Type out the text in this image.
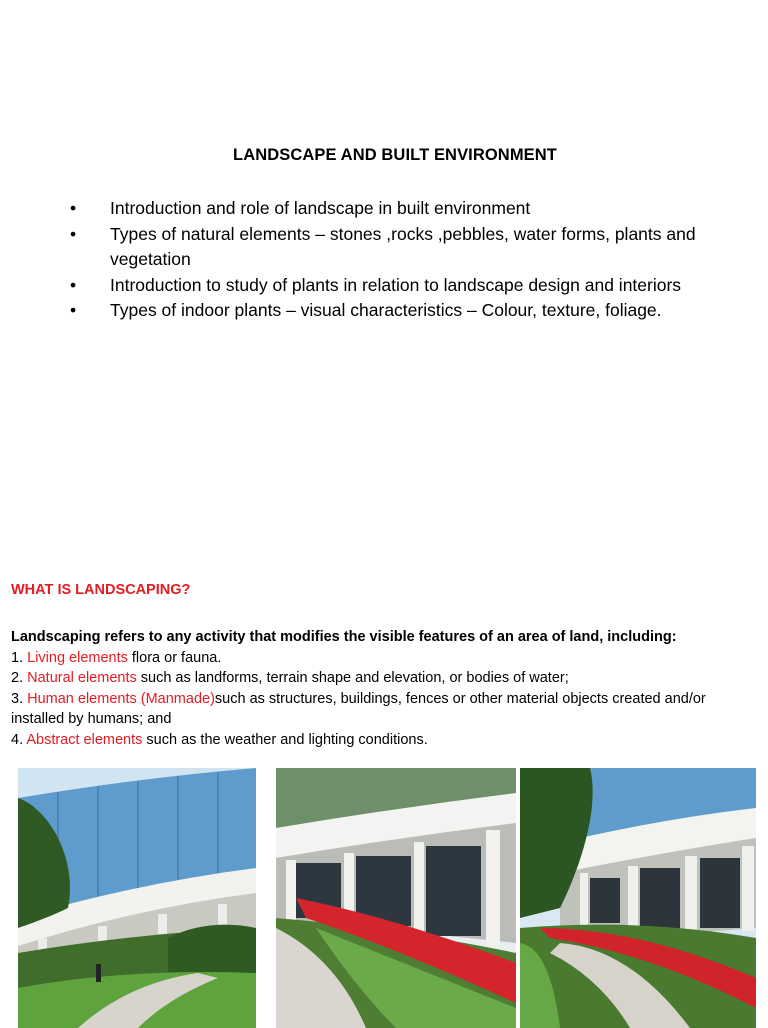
LANDSCAPE AND BUILT ENVIRONMENT
• Introduction and role of landscape in built environment
• Types of natural elements – stones ,rocks ,pebbles, water forms, plants and vegetation
• Introduction to study of plants in relation to landscape design and interiors
• Types of indoor plants – visual characteristics – Colour, texture, foliage.
WHAT IS LANDSCAPING?
Landscaping refers to any activity that modifies the visible features of an area of land, including:
1. Living elements flora or fauna.
2. Natural elements such as landforms, terrain shape and elevation, or bodies of water;
3. Human elements (Manmade)such as structures, buildings, fences or other material objects created and/or installed by humans; and
4. Abstract elements such as the weather and lighting conditions.
